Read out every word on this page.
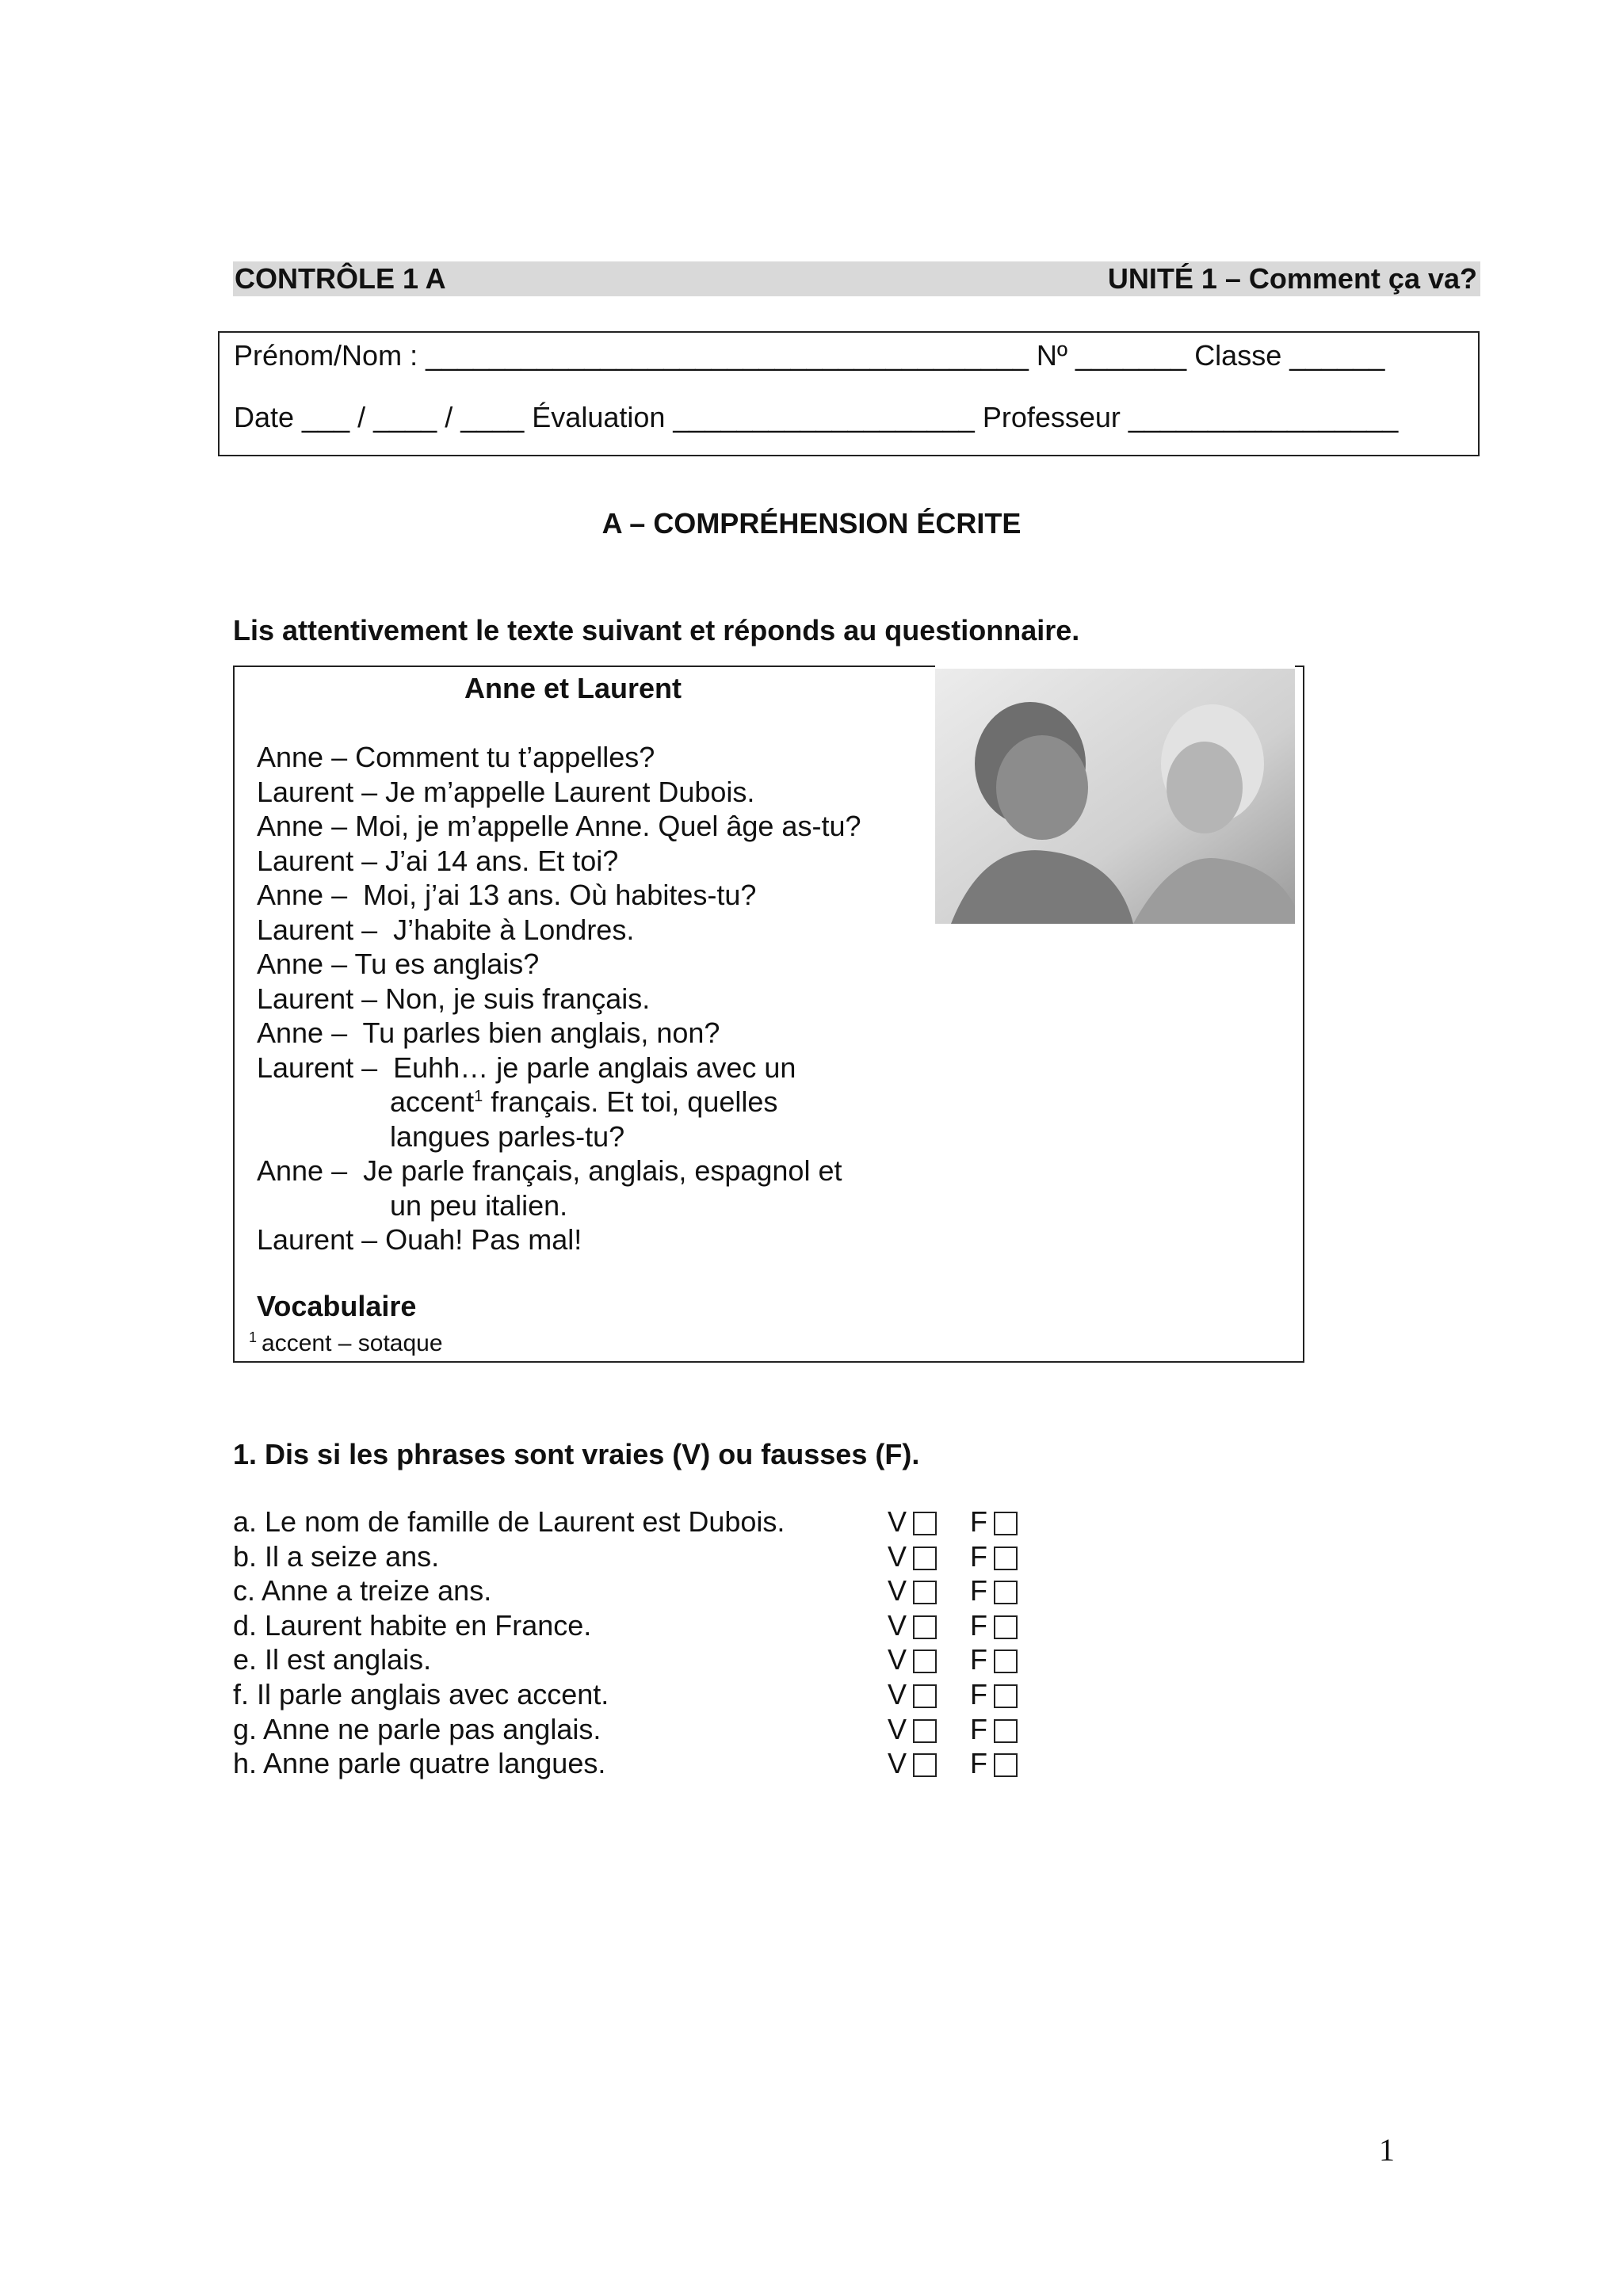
CONTRÔLE 1 A	UNITÉ 1 – Comment ça va?
Prénom/Nom : ______________________________________ Nº _______ Classe ______
Date ___ / ____ / ____ Évaluation ___________________ Professeur _________________
A – COMPRÉHENSION ÉCRITE
Lis attentivement le texte suivant et réponds au questionnaire.
Anne et Laurent
Anne – Comment tu t’appelles?
Laurent – Je m’appelle Laurent Dubois.
Anne – Moi, je m’appelle Anne. Quel âge as-tu?
Laurent – J’ai 14 ans. Et toi?
Anne –  Moi, j’ai 13 ans. Où habites-tu?
Laurent –  J’habite à Londres.
Anne – Tu es anglais?
Laurent – Non, je suis français.
Anne –  Tu parles bien anglais, non?
Laurent –  Euhh… je parle anglais avec un
accent$^1$ français. Et toi, quelles
langues parles-tu?
Anne –  Je parle français, anglais, espagnol et
un peu italien.
Laurent – Ouah! Pas mal!
Vocabulaire
$^1$ accent – sotaque
1. Dis si les phrases sont vraies (V) ou fausses (F).
a. Le nom de famille de Laurent est Dubois.	V F
b. Il a seize ans.	V F
c. Anne a treize ans.	V F
d. Laurent habite en France.	V F
e. Il est anglais.	V F
f. Il parle anglais avec accent.	V F
g. Anne ne parle pas anglais.	V F
h. Anne parle quatre langues.	V F
1
